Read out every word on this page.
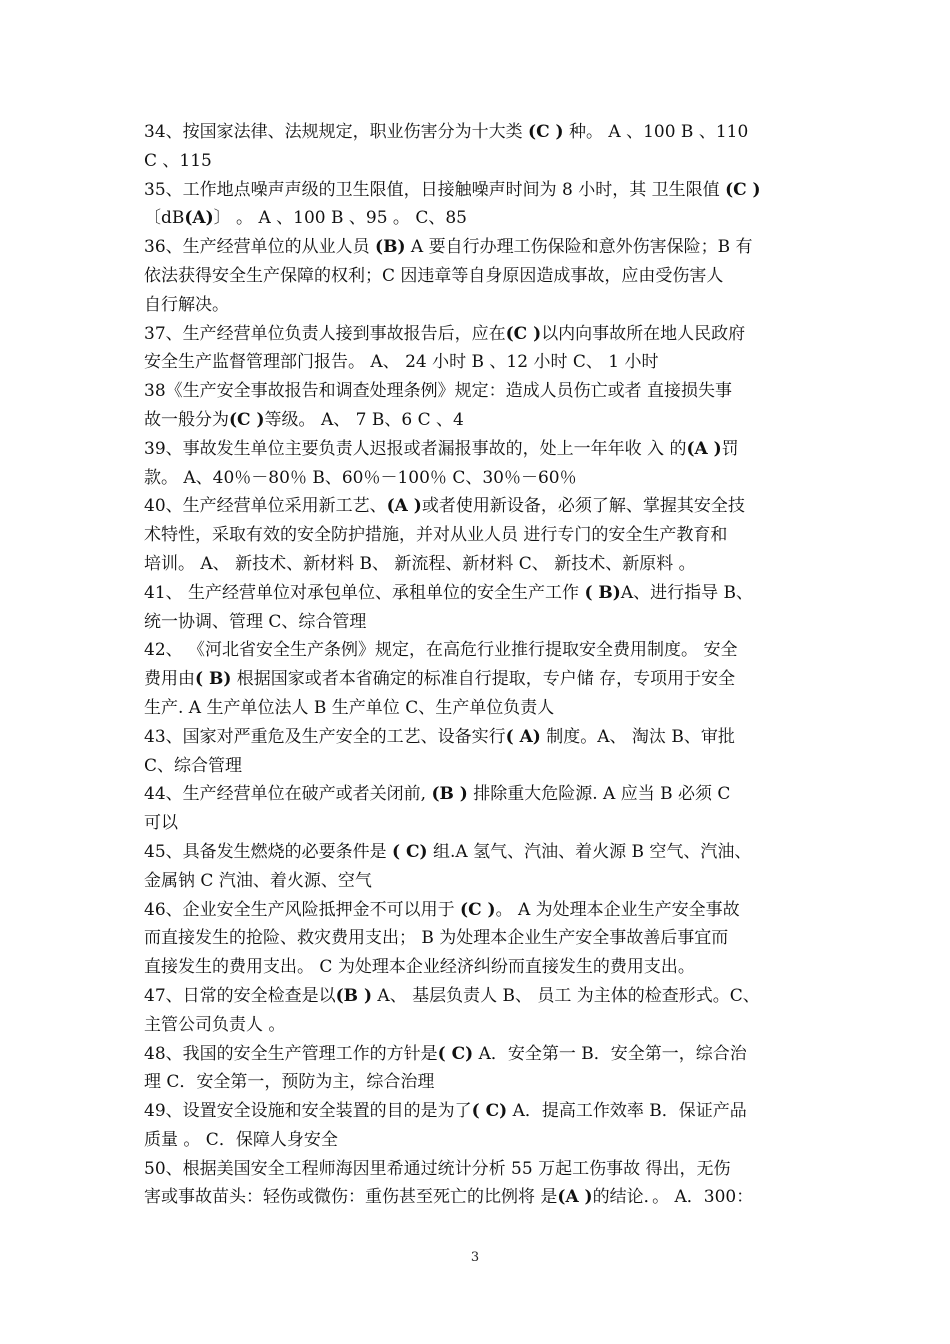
34、按国家法律、法规规定，职业伤害分为十大类 (C ) 种。 A 、100 B 、110
C 、115
35、工作地点噪声声级的卫生限值，日接触噪声时间为 8 小时，其 卫生限值 (C )
〔dB(A)〕 。 A 、100 B 、95 。 C、85
36、生产经营单位的从业人员 (B) A 要自行办理工伤保险和意外伤害保险；B 有
依法获得安全生产保障的权利；C 因违章等自身原因造成事故，应由受伤害人
自行解决。
37、生产经营单位负责人接到事故报告后，应在(C )以内向事故所在地人民政府
安全生产监督管理部门报告。 A、 24 小时 B 、12 小时 C、 1 小时
38《生产安全事故报告和调查处理条例》规定：造成人员伤亡或者 直接损失事
故一般分为(C )等级。 A、 7 B、6 C 、4
39、事故发生单位主要负责人迟报或者漏报事故的，处上一年年收 入 的(A )罚
款。 A、40％－80％ B、60％－100％ C、30％－60％
40、生产经营单位采用新工艺、(A )或者使用新设备，必须了解、掌握其安全技
术特性，采取有效的安全防护措施，并对从业人员 进行专门的安全生产教育和
培训。 A、 新技术、新材料 B、 新流程、新材料 C、 新技术、新原料 。
41、 生产经营单位对承包单位、承租单位的安全生产工作 ( B)A、进行指导 B、
统一协调、管理 C、综合管理
42、 《河北省安全生产条例》规定，在高危行业推行提取安全费用制度。 安全
费用由( B) 根据国家或者本省确定的标准自行提取，专户储 存，专项用于安全
生产. A 生产单位法人 B 生产单位 C、生产单位负责人
43、国家对严重危及生产安全的工艺、设备实行( A) 制度。A、 淘汰 B、审批
C、综合管理
44、生产经营单位在破产或者关闭前, (B ) 排除重大危险源. A 应当 B 必须 C
可以
45、具备发生燃烧的必要条件是 ( C) 组.A 氢气、汽油、着火源 B 空气、汽油、
金属钠 C 汽油、着火源、空气
46、企业安全生产风险抵押金不可以用于 (C )。 A 为处理本企业生产安全事故
而直接发生的抢险、救灾费用支出； B 为处理本企业生产安全事故善后事宜而
直接发生的费用支出。 C 为处理本企业经济纠纷而直接发生的费用支出。
47、日常的安全检查是以(B ) A、 基层负责人 B、 员工 为主体的检查形式。C、
主管公司负责人 。
48、我国的安全生产管理工作的方针是( C) A．安全第一 B．安全第一，综合治
理 C．安全第一，预防为主，综合治理
49、设置安全设施和安全装置的目的是为了( C) A．提高工作效率 B．保证产品
质量 。 C．保障人身安全
50、根据美国安全工程师海因里希通过统计分析 55 万起工伤事故 得出，无伤
害或事故苗头：轻伤或微伤：重伤甚至死亡的比例将 是(A )的结论．。 A．300：
3
